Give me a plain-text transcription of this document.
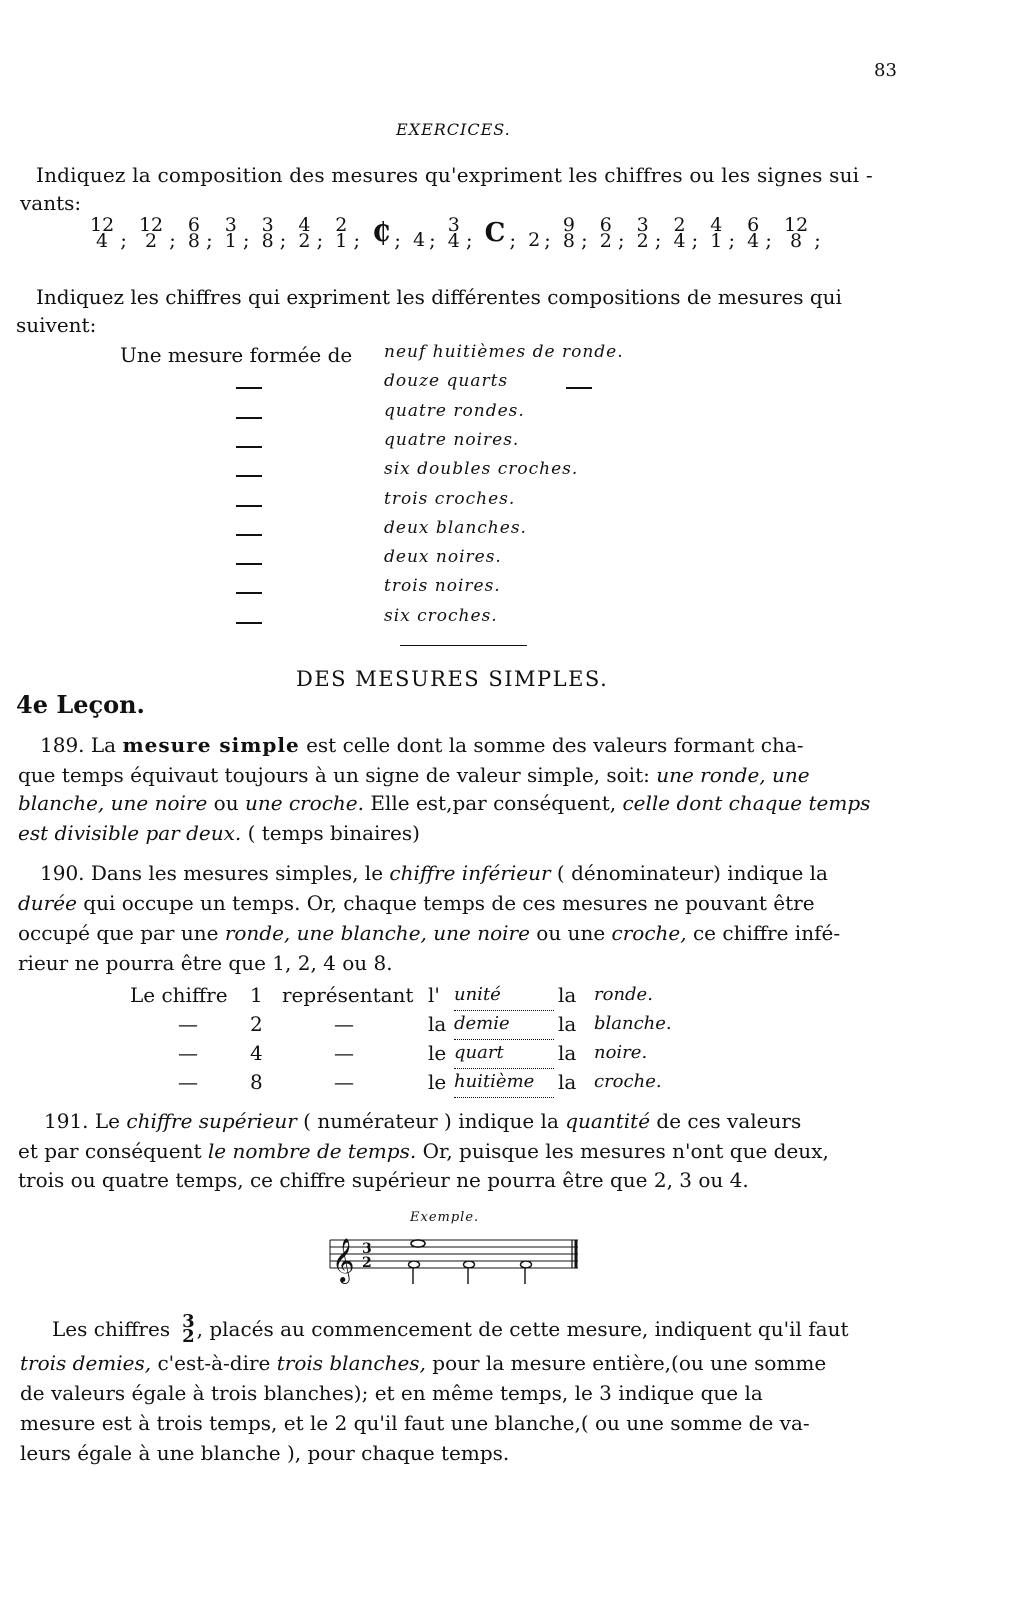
83
EXERCICES.
Indiquez la composition des mesures qu'expriment les chiffres ou les signes sui -
vants:
12
4 ;
12
2 ;
6
8 ;
3
1 ;
3
8 ;
4
2 ;
2
1 ; ₵ ; 4 ;
3
4 ; C ; 2 ;
9
8 ;
6
2 ;
3
2 ;
2
4 ;
4
1 ;
6
4 ;
12
8 ;
Indiquez les chiffres qui expriment les différentes compositions de mesures qui
suivent:
Une mesure formée de neuf huitièmes de ronde.
douze quarts
quatre rondes.
quatre noires.
six doubles croches.
trois croches.
deux blanches.
deux noires.
trois noires.
six croches.
DES MESURES SIMPLES.
4e Leçon.
189. La mesure simple est celle dont la somme des valeurs formant cha-
que temps équivaut toujours à un signe de valeur simple, soit: une ronde, une
blanche, une noire ou une croche. Elle est,par conséquent, celle dont chaque temps
est divisible par deux. ( temps binaires)
190. Dans les mesures simples, le chiffre inférieur ( dénominateur) indique la
durée qui occupe un temps. Or, chaque temps de ces mesures ne pouvant être
occupé que par une ronde, une blanche, une noire ou une croche, ce chiffre infé-
rieur ne pourra être que 1, 2, 4 ou 8.
Le chiffre 1 représentant l' unité	la ronde.
—	2	—	la demie	la blanche.
—	4	—	le quart	la noire.
—	8	—	le huitième	la croche.
191. Le chiffre supérieur ( numérateur ) indique la quantité de ces valeurs
et par conséquent le nombre de temps. Or, puisque les mesures n'ont que deux,
trois ou quatre temps, ce chiffre supérieur ne pourra être que 2, 3 ou 4.
Exemple.
𝄞 3
2
Les chiffres 3
2 , placés au commencement de cette mesure, indiquent qu'il faut
trois demies, c'est-à-dire trois blanches, pour la mesure entière,(ou une somme
de valeurs égale à trois blanches); et en même temps, le 3 indique que la
mesure est à trois temps, et le 2 qu'il faut une blanche,( ou une somme de va-
leurs égale à une blanche ), pour chaque temps.
